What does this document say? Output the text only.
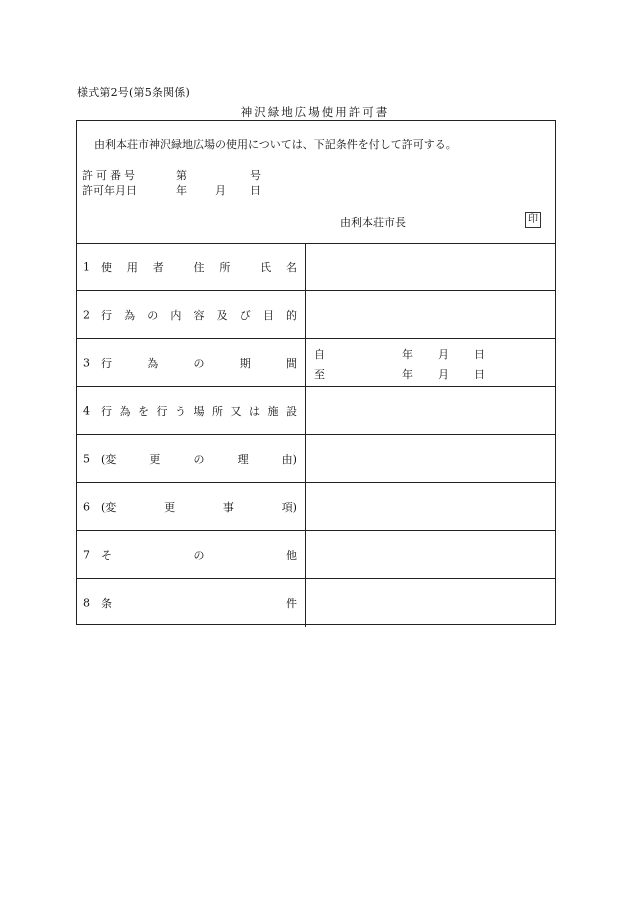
様式第2号(第5条関係)
神沢緑地広場使用許可書
由利本荘市神沢緑地広場の使用については、下記条件を付して許可する。
許可番号	第	号
許可年月日	年	月 日
由利本荘市長	印
1 使 用 者	住 所	氏 名
2 行 為 の 内 容 及 び 目 的
3 行	為	の	期	間
自	年 月 日
至	年 月 日
4 行 為 を 行 う 場 所 又 は 施 設
5 (変	更	の	理	由)
6 (変	更	事	項)
7 そ	の	他
8 条	件
